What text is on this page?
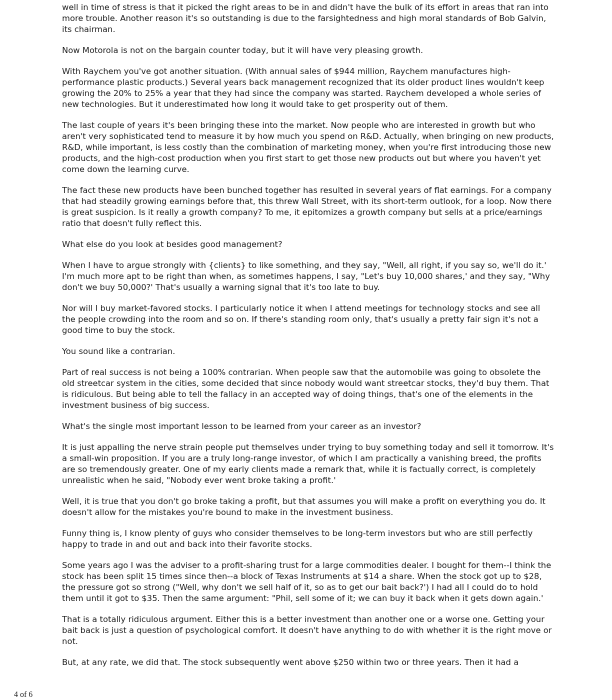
well in time of stress is that it picked the right areas to be in and didn't have the bulk of its effort in areas that ran into more trouble. Another reason it's so outstanding is due to the farsightedness and high moral standards of Bob Galvin, its chairman.

Now Motorola is not on the bargain counter today, but it will have very pleasing growth.

With Raychem you've got another situation. (With annual sales of $944 million, Raychem manufactures high-performance plastic products.) Several years back management recognized that its older product lines wouldn't keep growing the 20% to 25% a year that they had since the company was started. Raychem developed a whole series of new technologies. But it underestimated how long it would take to get prosperity out of them.

The last couple of years it's been bringing these into the market. Now people who are interested in growth but who aren't very sophisticated tend to measure it by how much you spend on R&D. Actually, when bringing on new products, R&D, while important, is less costly than the combination of marketing money, when you're first introducing those new products, and the high-cost production when you first start to get those new products out but where you haven't yet come down the learning curve.

The fact these new products have been bunched together has resulted in several years of flat earnings. For a company that had steadily growing earnings before that, this threw Wall Street, with its short-term outlook, for a loop. Now there is great suspicion. Is it really a growth company? To me, it epitomizes a growth company but sells at a price/earnings ratio that doesn't fully reflect this.

What else do you look at besides good management?

When I have to argue strongly with {clients} to like something, and they say, "Well, all right, if you say so, we'll do it.' I'm much more apt to be right than when, as sometimes happens, I say, "Let's buy 10,000 shares,' and they say, "Why don't we buy 50,000?' That's usually a warning signal that it's too late to buy.

Nor will I buy market-favored stocks. I particularly notice it when I attend meetings for technology stocks and see all the people crowding into the room and so on. If there's standing room only, that's usually a pretty fair sign it's not a good time to buy the stock.

You sound like a contrarian.

Part of real success is not being a 100% contrarian. When people saw that the automobile was going to obsolete the old streetcar system in the cities, some decided that since nobody would want streetcar stocks, they'd buy them. That is ridiculous. But being able to tell the fallacy in an accepted way of doing things, that's one of the elements in the investment business of big success.

What's the single most important lesson to be learned from your career as an investor?

It is just appalling the nerve strain people put themselves under trying to buy something today and sell it tomorrow. It's a small-win proposition. If you are a truly long-range investor, of which I am practically a vanishing breed, the profits are so tremendously greater. One of my early clients made a remark that, while it is factually correct, is completely unrealistic when he said, "Nobody ever went broke taking a profit.'

Well, it is true that you don't go broke taking a profit, but that assumes you will make a profit on everything you do. It doesn't allow for the mistakes you're bound to make in the investment business.

Funny thing is, I know plenty of guys who consider themselves to be long-term investors but who are still perfectly happy to trade in and out and back into their favorite stocks.

Some years ago I was the adviser to a profit-sharing trust for a large commodities dealer. I bought for them--I think the stock has been split 15 times since then--a block of Texas Instruments at $14 a share. When the stock got up to $28, the pressure got so strong ("Well, why don't we sell half of it, so as to get our bait back?') I had all I could do to hold them until it got to $35. Then the same argument: "Phil, sell some of it; we can buy it back when it gets down again.'

That is a totally ridiculous argument. Either this is a better investment than another one or a worse one. Getting your bait back is just a question of psychological comfort. It doesn't have anything to do with whether it is the right move or not.

But, at any rate, we did that. The stock subsequently went above $250 within two or three years. Then it had a

4 of 6
